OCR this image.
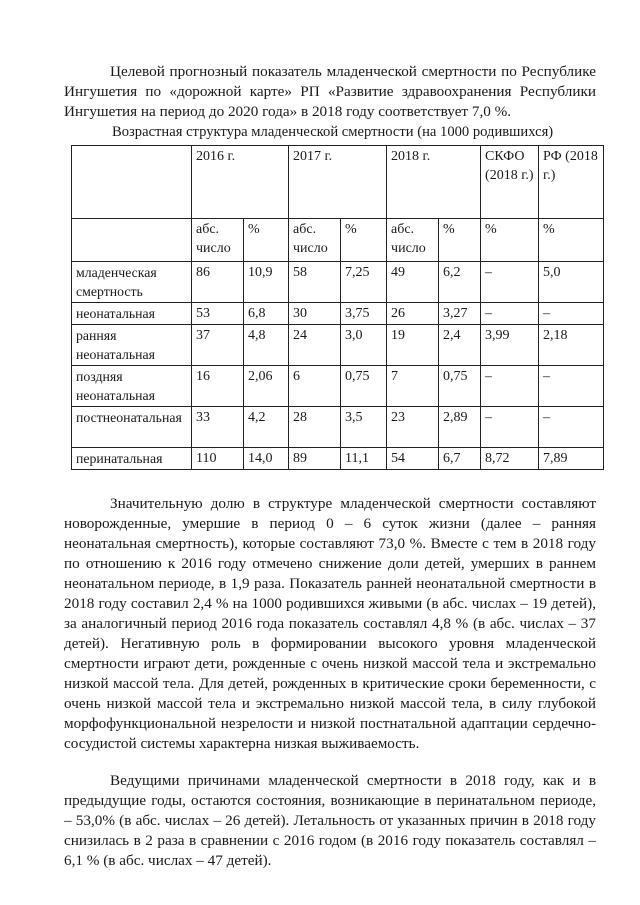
Целевой прогнозный показатель младенческой смертности по Республике Ингушетия по «дорожной карте» РП «Развитие здравоохранения Республики Ингушетия на период до 2020 года» в 2018 году соответствует 7,0 %.

Возрастная структура младенческой смертности (на 1000 родившихся)

	2016 г.		2017 г.		2018 г.		СКФО (2018 г.)	РФ (2018 г.)
	абс. число	%	абс. число	%	абс. число	%	%	%
младенческая смертность	86	10,9	58	7,25	49	6,2	–	5,0
неонатальная	53	6,8	30	3,75	26	3,27	–	–
ранняя неонатальная	37	4,8	24	3,0	19	2,4	3,99	2,18
поздняя неонатальная	16	2,06	6	0,75	7	0,75	–	–
постнеонатальная	33	4,2	28	3,5	23	2,89	–	–
перинатальная	110	14,0	89	11,1	54	6,7	8,72	7,89

Значительную долю в структуре младенческой смертности составляют новорожденные, умершие в период 0 – 6 суток жизни (далее – ранняя неонатальная смертность), которые составляют 73,0 %. Вместе с тем в 2018 году по отношению к 2016 году отмечено снижение доли детей, умерших в раннем неонатальном периоде, в 1,9 раза. Показатель ранней неонатальной смертности в 2018 году составил 2,4 % на 1000 родившихся живыми (в абс. числах – 19 детей), за аналогичный период 2016 года показатель составлял 4,8 % (в абс. числах – 37 детей). Негативную роль в формировании высокого уровня младенческой смертности играют дети, рожденные с очень низкой массой тела и экстремально низкой массой тела. Для детей, рожденных в критические сроки беременности, с очень низкой массой тела и экстремально низкой массой тела, в силу глубокой морфофункциональной незрелости и низкой постнатальной адаптации сердечно-сосудистой системы характерна низкая выживаемость.

Ведущими причинами младенческой смертности в 2018 году, как и в предыдущие годы, остаются состояния, возникающие в перинатальном периоде, – 53,0% (в абс. числах – 26 детей). Летальность от указанных причин в 2018 году снизилась в 2 раза в сравнении с 2016 годом (в 2016 году показатель составлял – 6,1 % (в абс. числах – 47 детей).
